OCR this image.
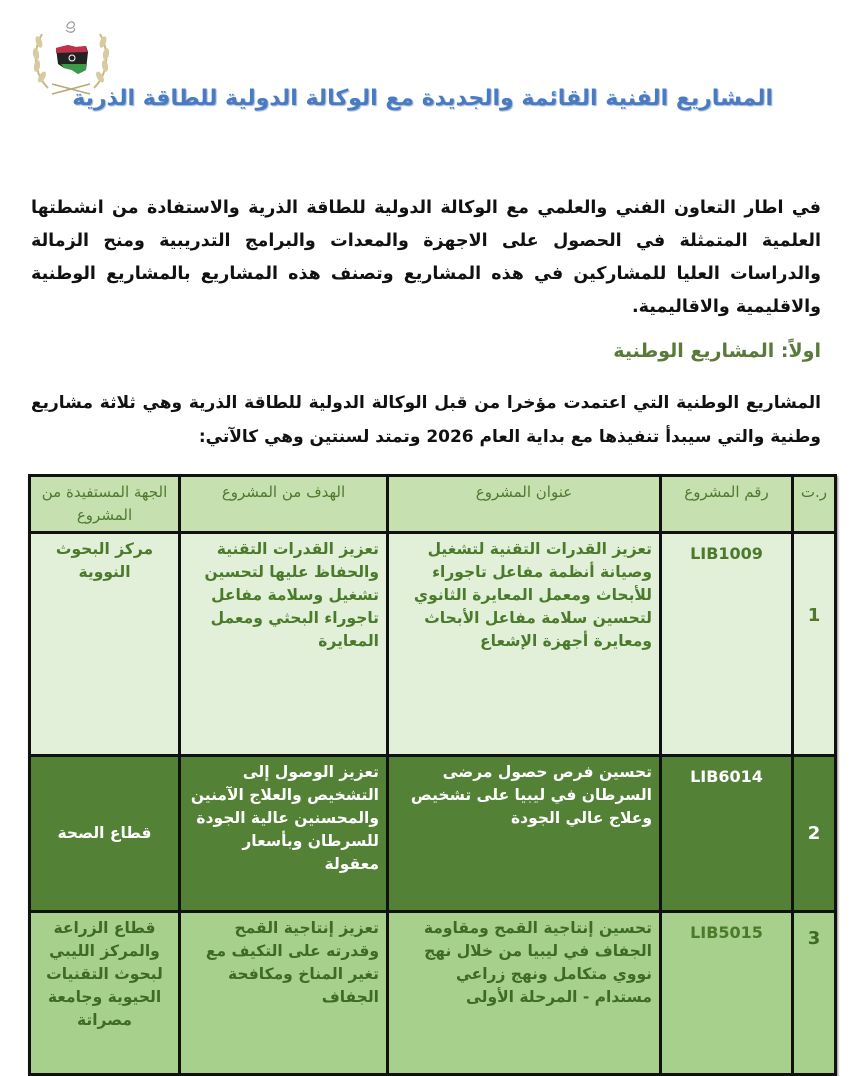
المشاريع الفنية القائمة والجديدة مع الوكالة الدولية للطاقة الذرية
في اطار التعاون الفني والعلمي مع الوكالة الدولية للطاقة الذرية والاستفادة من انشطتها العلمية المتمثلة في الحصول على الاجهزة والمعدات والبرامج التدريبية ومنح الزمالة والدراسات العليا للمشاركين في هذه المشاريع وتصنف هذه المشاريع بالمشاريع الوطنية والاقليمية والاقاليمية.
اولاً: المشاريع الوطنية
المشاريع الوطنية التي اعتمدت مؤخرا من قبل الوكالة الدولية للطاقة الذرية وهي ثلاثة مشاريع وطنية والتي سيبدأ تنفيذها مع بداية العام 2026 وتمتد لسنتين وهي كالآتي:
ر.ت	رقم المشروع	عنوان المشروع	الهدف من المشروع	الجهة المستفيدة من المشروع
1	LIB1009	تعزيز القدرات التقنية لتشغيل وصيانة أنظمة مفاعل تاجوراء للأبحاث ومعمل المعايرة الثانوي لتحسين سلامة مفاعل الأبحاث ومعايرة أجهزة الإشعاع	تعزيز القدرات التقنية والحفاظ عليها لتحسين تشغيل وسلامة مفاعل تاجوراء البحثي ومعمل المعايرة	مركز البحوث النووية
2	LIB6014	تحسين فرص حصول مرضى السرطان في ليبيا على تشخيص وعلاج عالي الجودة	تعزيز الوصول إلى التشخيص والعلاج الآمنين والمحسنين عالية الجودة للسرطان وبأسعار معقولة	قطاع الصحة
3	LIB5015	تحسين إنتاجية القمح ومقاومة الجفاف في ليبيا من خلال نهج نووي متكامل ونهج زراعي مستدام - المرحلة الأولى	تعزيز إنتاجية القمح وقدرته على التكيف مع تغير المناخ ومكافحة الجفاف	قطاع الزراعة والمركز الليبي لبحوث التقنيات الحيوية وجامعة مصراتة
